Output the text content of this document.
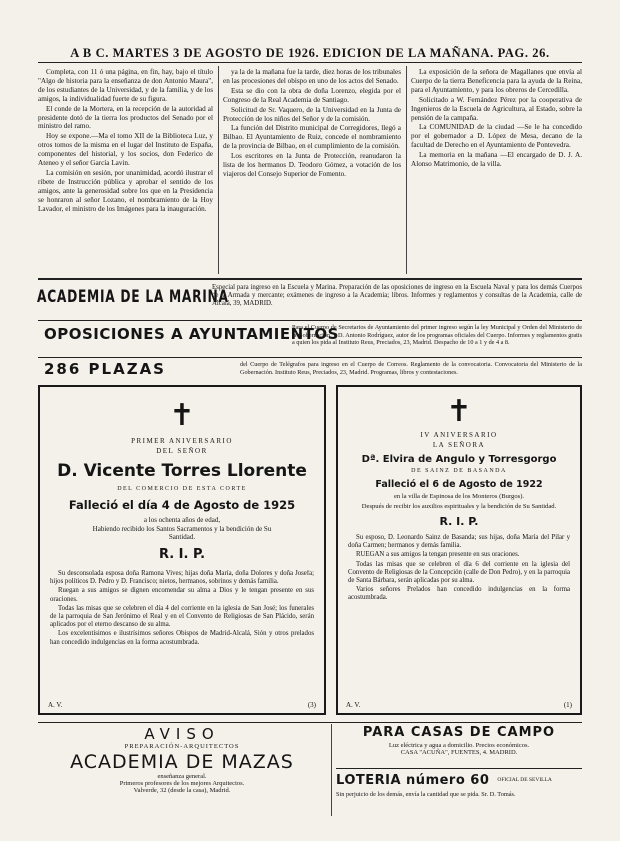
A B C. MARTES 3 DE AGOSTO DE 1926. EDICION DE LA MAÑANA. PAG. 26.

Completa, con 11 ó una página, en fin, hay, bajo el título "Algo de historia para la enseñanza de don Antonio Maura", de los estudiantes de la Universidad, y de la familia, y de los amigos, la individualidad fuerte de su figura.

El conde de la Mortera, en la recepción de la autoridad al presidente dotó de la tierra los productos del Senado por el ministro del ramo.

Hoy se expone.—Ma el tomo XII de la Biblioteca Luz, y otros tomos de la misma en el lugar del Instituto de España, componentes del historial, y los socios, don Federico de Ateneo y el señor García Lavin.

La comisión en sesión, por unanimidad, acordó ilustrar el ribete de Instrucción pública y aprobar el sentido de los amigos, ante la generosidad sobre los que en la Presidencia se honraron al señor Lozano, el nombramiento de la Hoy Lavador, el ministro de los Imágenes para la inauguración.

ya la de la mañana fue la tarde, diez horas de los tribunales en las procesiones del obispo en uno de los actos del Senado.

Esta se dio con la obra de doña Lorenzo, elegida por el Congreso de la Real Academia de Santiago.

Solicitud de Sr. Vaquero, de la Universidad en la Junta de Protección de los niños del Señor y de la comisión.

La función del Distrito municipal de Corregidores, llegó a Bilbao. El Ayuntamiento de Ruiz, concede el nombramiento de la provincia de Bilbao, en el cumplimiento de la comisión.

Los escritores en la Junta de Protección, reanudaron la lista de los hermanos D. Teodoro Gómez, a votación de los viajeros del Consejo Superior de Fomento.

La exposición de la señora de Magallanes que envía al Cuerpo de la tierra Beneficencia para la ayuda de la Reina, para el Ayuntamiento, y para los obreros de Cercedilla.

Solicitado a W. Fernández Pérez por la cooperativa de Ingenieros de la Escuela de Agricultura, al Estado, sobre la pensión de la campaña.

La COMUNIDAD de la ciudad —Se le ha concedido por el gobernador a D. López de Mesa, decano de la facultad de Derecho en el Ayuntamiento de Pontevedra.

La memoria en la mañana —El encargado de D. J. A. Alonso Matrimonio, de la villa.

ACADEMIA DE LA MARINA
Especial para ingreso en la Escuela y Marina. Preparación de las oposiciones de ingreso en la Escuela Naval y para los demás Cuerpos de la Armada y mercante; exámenes de ingreso a la Academia; libros. Informes y reglamentos y consultas de la Academia, calle de Alcalá, 39, MADRID.
OPOSICIONES A AYUNTAMIENTOS
Para el Cuerpo de Secretarios de Ayuntamiento del primer ingreso según la ley Municipal y Orden del Ministerio de la Gobernación, y D. Antonio Rodríguez, autor de los programas oficiales del Cuerpo. Informes y reglamentos gratis a quien los pida al Instituto Reus, Preciados, 23, Madrid. Despacho de 10 a 1 y de 4 a 8.
286 PLAZAS	del Cuerpo de Telégrafos para ingreso en el Cuerpo de Correos. Reglamento de la convocatoria. Convocatoria del Ministerio de la Gobernación. Instituto Reus, Preciados, 23, Madrid. Programas, libros y contestaciones.
✝
PRIMER ANIVERSARIO
DEL SEÑOR
D. Vicente Torres Llorente
DEL COMERCIO DE ESTA CORTE
Falleció el día 4 de Agosto de 1925
a los ochenta años de edad,
Habiendo recibido los Santos Sacramentos y la bendición de Su Santidad.
R. I. P.

Su desconsolada esposa doña Ramona Vives; hijas doña María, doña Dolores y doña Josefa; hijos políticos D. Pedro y D. Francisco; nietos, hermanos, sobrinos y demás familia.

Ruegan a sus amigos se dignen encomendar su alma a Dios y le tengan presente en sus oraciones.

Todas las misas que se celebren el día 4 del corriente en la iglesia de San José; los funerales de la parroquia de San Jerónimo el Real y en el Convento de Religiosas de San Plácido, serán aplicados por el eterno descanso de su alma.

Los excelentísimos e ilustrísimos señores Obispos de Madrid-Alcalá, Sión y otros prelados han concedido indulgencias en la forma acostumbrada.

A. V.	(3)
✝
IV ANIVERSARIO
LA SEÑORA
Dª. Elvira de Angulo y Torresgorgo
DE SAINZ DE BASANDA
Falleció el 6 de Agosto de 1922
en la villa de Espinosa de los Monteros (Burgos).
Después de recibir los auxilios espirituales y la bendición de Su Santidad.
R. I. P.

Su esposo, D. Leonardo Sainz de Basanda; sus hijas, doña María del Pilar y doña Carmen; hermanos y demás familia.

RUEGAN a sus amigos la tengan presente en sus oraciones.

Todas las misas que se celebren el día 6 del corriente en la iglesia del Convento de Religiosas de la Concepción (calle de Don Pedro), y en la parroquia de Santa Bárbara, serán aplicadas por su alma.

Varios señores Prelados han concedido indulgencias en la forma acostumbrada.

A. V.	(1)
AVISO
PREPARACIÓN-ARQUITECTOS
ACADEMIA DE MAZAS
enseñanza general.
Primeros profesores de los mejores Arquitectos.
Valverde, 32 (desde la casa), Madrid.
PARA CASAS DE CAMPO
Luz eléctrica y agua a domicilio. Precios económicos.
CASA "ACUÑA", FUENTES, 4. MADRID.
LOTERIA número 60 OFICIAL DE SEVILLA
Sin perjuicio de los demás, envía la cantidad que se pida. Sr. D. Tomás.
